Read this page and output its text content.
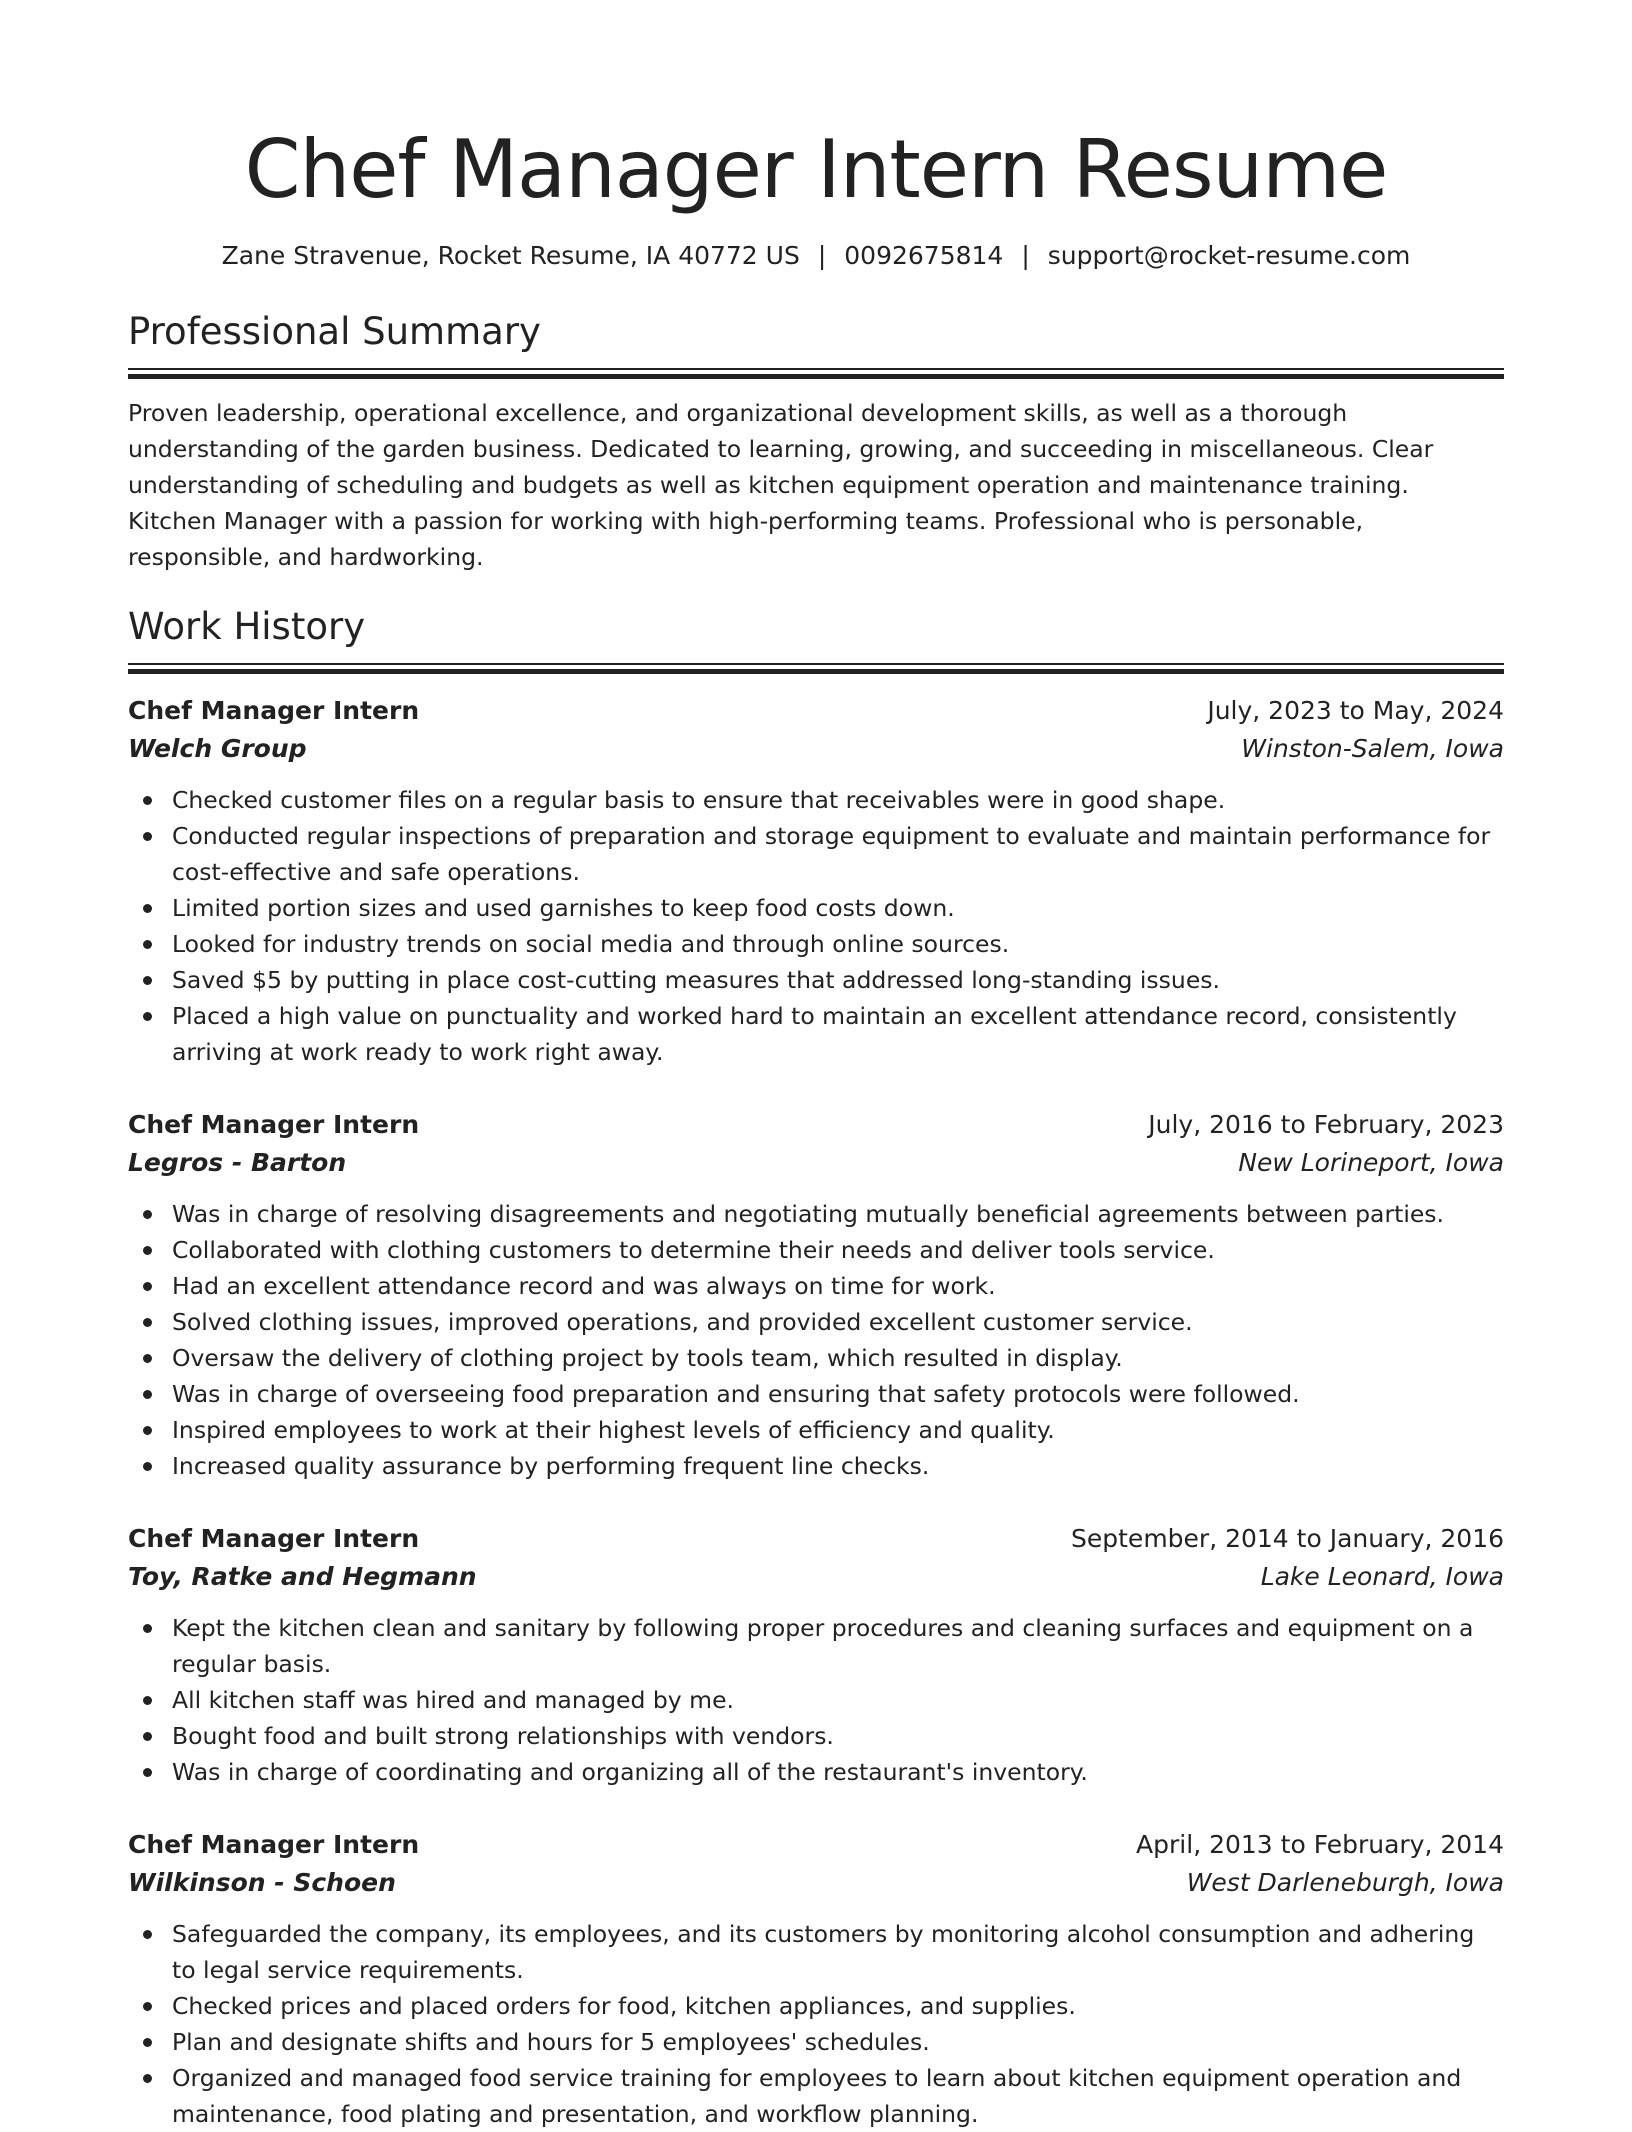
Chef Manager Intern Resume
Zane Stravenue, Rocket Resume, IA 40772 US | 0092675814 | support@rocket-resume.com
Professional Summary
Proven leadership, operational excellence, and organizational development skills, as well as a thorough understanding of the garden business. Dedicated to learning, growing, and succeeding in miscellaneous. Clear understanding of scheduling and budgets as well as kitchen equipment operation and maintenance training. Kitchen Manager with a passion for working with high-performing teams. Professional who is personable, responsible, and hardworking.
Work History
Chef Manager Intern	July, 2023 to May, 2024
Welch Group	Winston-Salem, Iowa
Checked customer files on a regular basis to ensure that receivables were in good shape.
Conducted regular inspections of preparation and storage equipment to evaluate and maintain performance for cost-effective and safe operations.
Limited portion sizes and used garnishes to keep food costs down.
Looked for industry trends on social media and through online sources.
Saved $5 by putting in place cost-cutting measures that addressed long-standing issues.
Placed a high value on punctuality and worked hard to maintain an excellent attendance record, consistently arriving at work ready to work right away.
Chef Manager Intern	July, 2016 to February, 2023
Legros - Barton	New Lorineport, Iowa
Was in charge of resolving disagreements and negotiating mutually beneficial agreements between parties.
Collaborated with clothing customers to determine their needs and deliver tools service.
Had an excellent attendance record and was always on time for work.
Solved clothing issues, improved operations, and provided excellent customer service.
Oversaw the delivery of clothing project by tools team, which resulted in display.
Was in charge of overseeing food preparation and ensuring that safety protocols were followed.
Inspired employees to work at their highest levels of efficiency and quality.
Increased quality assurance by performing frequent line checks.
Chef Manager Intern	September, 2014 to January, 2016
Toy, Ratke and Hegmann	Lake Leonard, Iowa
Kept the kitchen clean and sanitary by following proper procedures and cleaning surfaces and equipment on a regular basis.
All kitchen staff was hired and managed by me.
Bought food and built strong relationships with vendors.
Was in charge of coordinating and organizing all of the restaurant's inventory.
Chef Manager Intern	April, 2013 to February, 2014
Wilkinson - Schoen	West Darleneburgh, Iowa
Safeguarded the company, its employees, and its customers by monitoring alcohol consumption and adhering to legal service requirements.
Checked prices and placed orders for food, kitchen appliances, and supplies.
Plan and designate shifts and hours for 5 employees' schedules.
Organized and managed food service training for employees to learn about kitchen equipment operation and maintenance, food plating and presentation, and workflow planning.
